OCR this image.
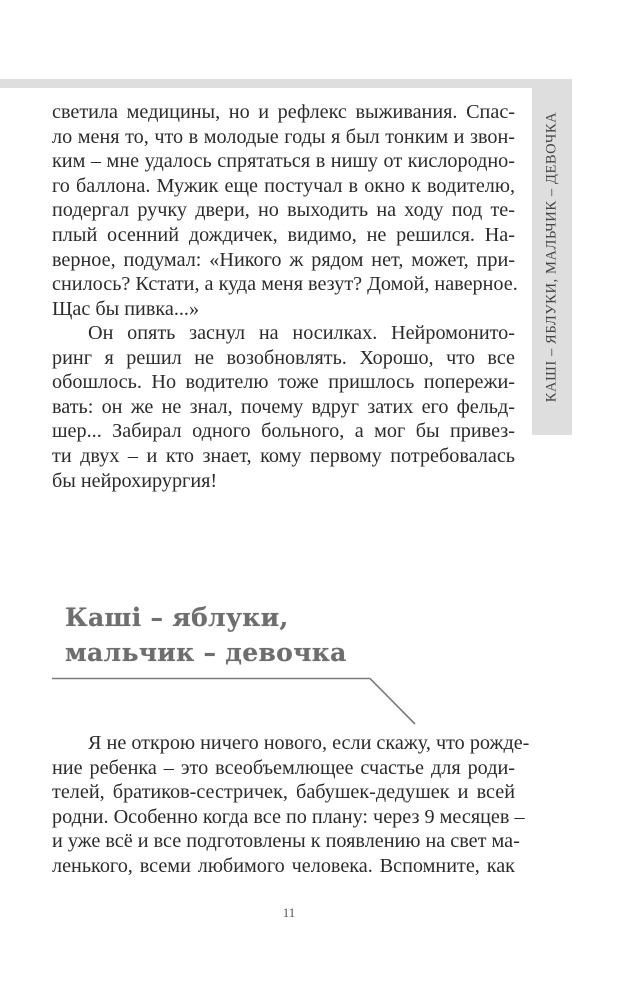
КАШІ – ЯБЛУКИ, МАЛЬЧИК – ДЕВОЧКА
светила медицины, но и рефлекс выживания. Спас-
ло меня то, что в молодые годы я был тонким и звон-
ким – мне удалось спрятаться в нишу от кислородно-
го баллона. Мужик еще постучал в окно к водителю,
подергал ручку двери, но выходить на ходу под те-
плый осенний дождичек, видимо, не решился. На-
верное, подумал: «Никого ж рядом нет, может, при-
снилось? Кстати, а куда меня везут? Домой, наверное.
Щас бы пивка...»
Он опять заснул на носилках. Нейромонито-
ринг я решил не возобновлять. Хорошо, что все
обошлось. Но водителю тоже пришлось попережи-
вать: он же не знал, почему вдруг затих его фельд-
шер... Забирал одного больного, а мог бы привез-
ти двух – и кто знает, кому первому потребовалась
бы нейрохирургия!
Каші – яблуки,
мальчик – девочка
Я не открою ничего нового, если скажу, что рожде-
ние ребенка – это всеобъемлющее счастье для роди-
телей, братиков-сестричек, бабушек-дедушек и всей
родни. Особенно когда все по плану: через 9 месяцев –
и уже всё и все подготовлены к появлению на свет ма-
ленького, всеми любимого человека. Вспомните, как
11
